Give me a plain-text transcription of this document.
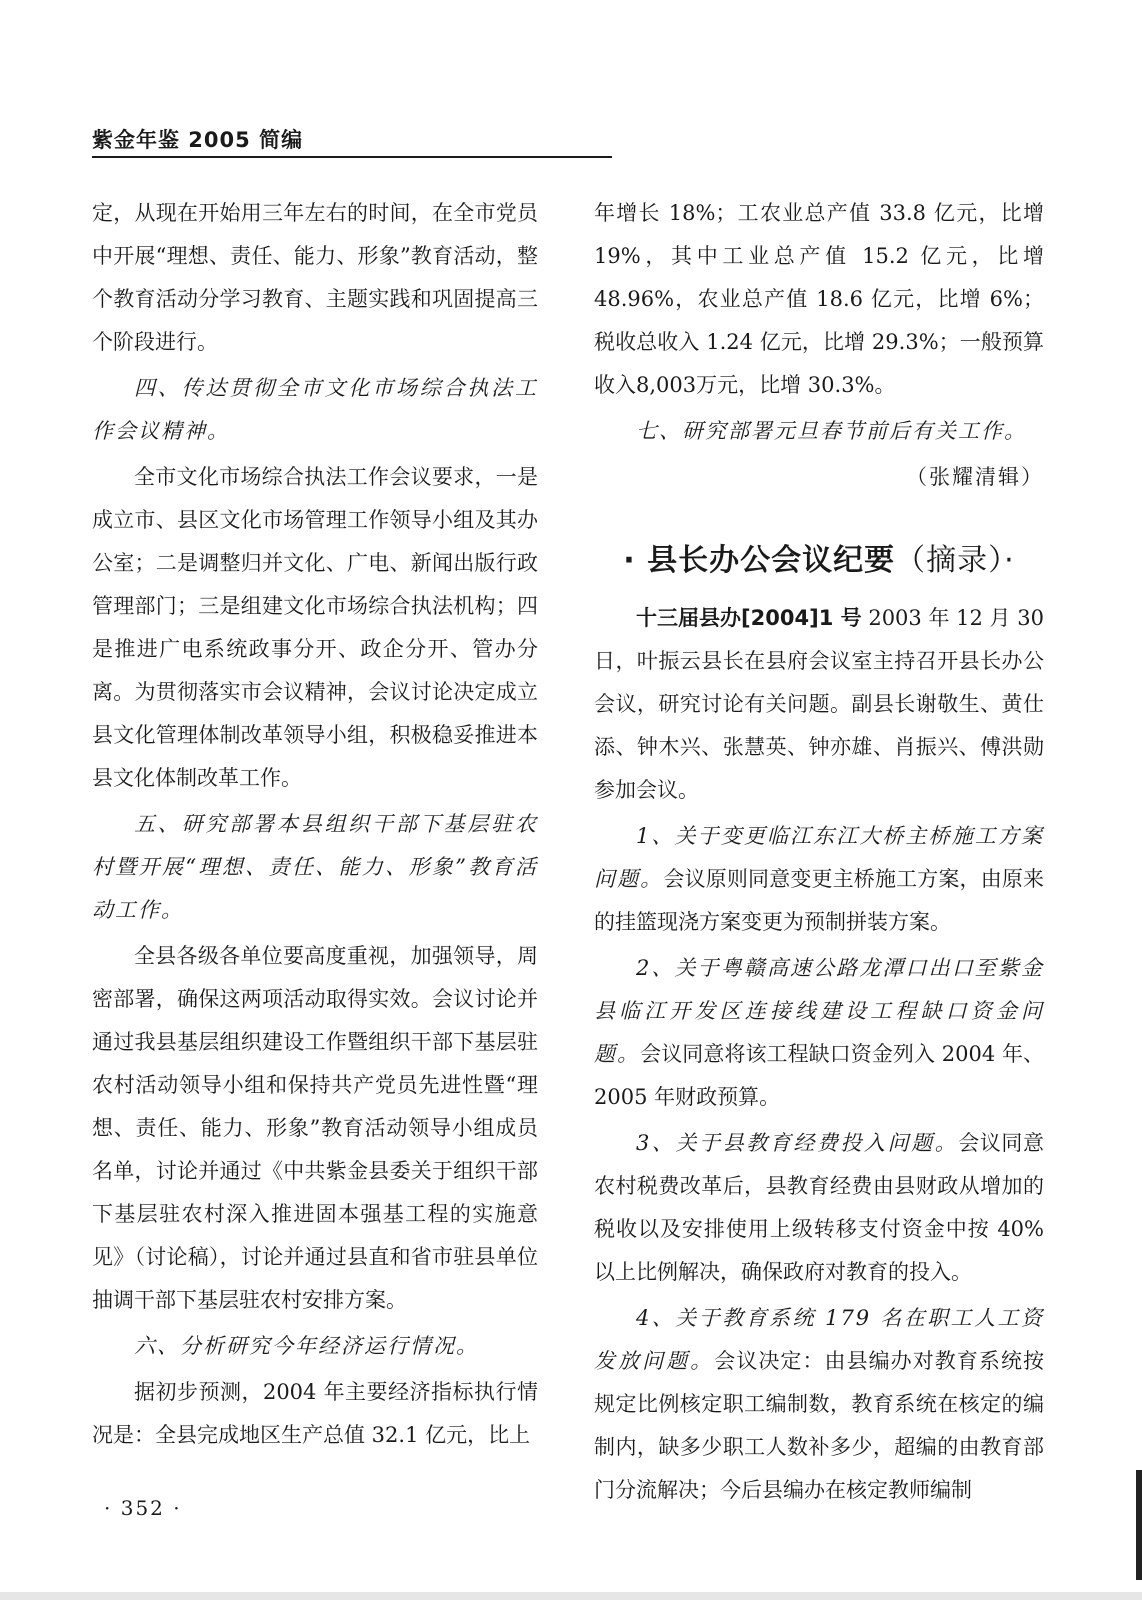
紫金年鉴 2005 简编

定，从现在开始用三年左右的时间，在全市党员中开展“理想、责任、能力、形象”教育活动，整个教育活动分学习教育、主题实践和巩固提高三个阶段进行。

四、传达贯彻全市文化市场综合执法工作会议精神。

全市文化市场综合执法工作会议要求，一是成立市、县区文化市场管理工作领导小组及其办公室；二是调整归并文化、广电、新闻出版行政管理部门；三是组建文化市场综合执法机构；四是推进广电系统政事分开、政企分开、管办分离。为贯彻落实市会议精神，会议讨论决定成立县文化管理体制改革领导小组，积极稳妥推进本县文化体制改革工作。

五、研究部署本县组织干部下基层驻农村暨开展“理想、责任、能力、形象”教育活动工作。

全县各级各单位要高度重视，加强领导，周密部署，确保这两项活动取得实效。会议讨论并通过我县基层组织建设工作暨组织干部下基层驻农村活动领导小组和保持共产党员先进性暨“理想、责任、能力、形象”教育活动领导小组成员名单，讨论并通过《中共紫金县委关于组织干部下基层驻农村深入推进固本强基工程的实施意见》（讨论稿），讨论并通过县直和省市驻县单位抽调干部下基层驻农村安排方案。

六、分析研究今年经济运行情况。

据初步预测，2004 年主要经济指标执行情况是：全县完成地区生产总值 32.1 亿元，比上

年增长 18%；工农业总产值 33.8 亿元，比增 19%，其中工业总产值 15.2 亿元，比增 48.96%，农业总产值 18.6 亿元，比增 6%；税收总收入 1.24 亿元，比增 29.3%；一般预算收入8,003万元，比增 30.3%。

七、研究部署元旦春节前后有关工作。

（张耀清辑）

· 县长办公会议纪要（摘录）·

十三届县办[2004]1 号 2003 年 12 月 30 日，叶振云县长在县府会议室主持召开县长办公会议，研究讨论有关问题。副县长谢敬生、黄仕添、钟木兴、张慧英、钟亦雄、肖振兴、傅洪勋参加会议。

1、关于变更临江东江大桥主桥施工方案问题。会议原则同意变更主桥施工方案，由原来的挂篮现浇方案变更为预制拼装方案。

2、关于粤赣高速公路龙潭口出口至紫金县临江开发区连接线建设工程缺口资金问题。会议同意将该工程缺口资金列入 2004 年、2005 年财政预算。

3、关于县教育经费投入问题。会议同意农村税费改革后，县教育经费由县财政从增加的税收以及安排使用上级转移支付资金中按 40% 以上比例解决，确保政府对教育的投入。

4、关于教育系统 179 名在职工人工资发放问题。会议决定：由县编办对教育系统按规定比例核定职工编制数，教育系统在核定的编制内，缺多少职工人数补多少，超编的由教育部门分流解决；今后县编办在核定教师编制

· 352 ·
